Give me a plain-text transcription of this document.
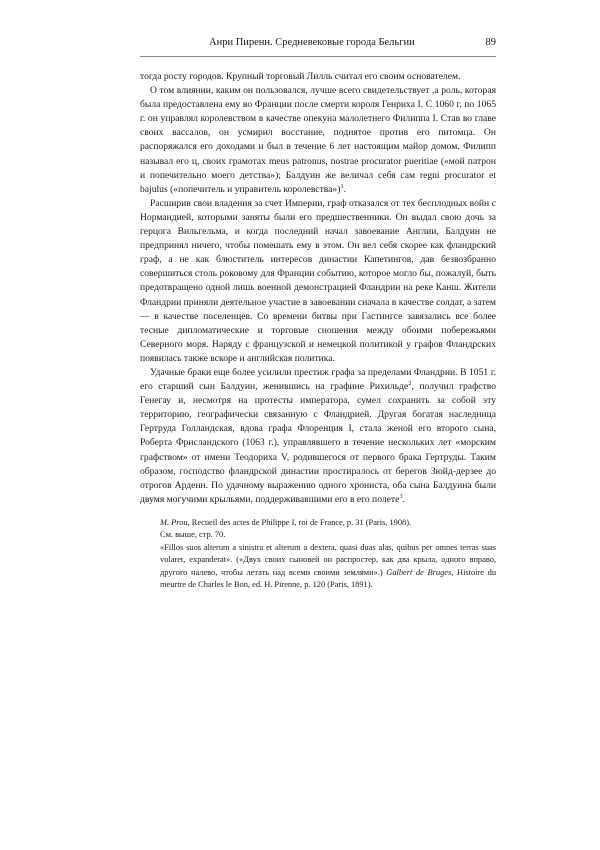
Анри Пиренн. Средневековые города Бельгии	89

тогда росту городов. Крупный торговый Лилль считал его своим основателем.

О том влиянии, каким он пользовался, лучше всего свидетельствует ,а роль, которая была предоставлена ему во Франции после смерти короля Генриха I. С 1060 г. по 1065 г. он управлял королевством в качестве опекуна малолетнего Филиппа I. Став во главе своих вассалов, он усмирил восстание, поднятое против его питомца. Он распоряжался его доходами и был в течение 6 лет настоящим майор домом. Филипп называл его ц, своих грамотах meus patronus, nostrae procurator pueritiae («мой патрон и попечительно моего детства»); Балдуин же величал себя сам regni procurator et bajulus («попечитель и управитель королевства»)$^1$.

Расширив свои владения за счет Империи, граф отказался от тех бесплодных войн с Нормандией, которыми заняты были его предшественники. Он выдал свою дочь за герцога Вильгельма, и когда последний начал завоевание Англии, Балдуин не предпринял ничего, чтобы помешать ему в этом. Он вел себя скорее как фландрский граф, а не как блюститель интересов династии Капетингов, дав безвозбранно совершиться столь роковому для Франции событию, которое могло бы, пожалуй, быть предотвращено одной лишь военной демонстрацией Фландрии на реке Канш. Жители Фландрии приняли деятельное участие в завоевании сначала в качестве солдат, а затем — в качестве поселенцев. Со времени битвы при Гастингсе завязались все более тесные дипломатические и торговые сношения между обоими побережьями Северного моря. Наряду с французской и немецкой политикой у графов Фландрских появилась также вскоре и английская политика.

Удачные браки еще более усилили престиж графа за пределами Фландрии. В 1051 г. его старший сын Балдуин, женившись на графине Рихильде$^2$, получил графство Генегау и, несмотря на протесты императора, сумел сохранить за собой эту территорию, географически связанную с Фландрией. Другая богатая наследница Гертруда Голландская, вдова графа Флоренция I, стала женой его второго сына, Роберта Фрисландского (1063 г.), управлявшего в течение нескольких лет «морским графством» от имени Теодориха V, родившегося от первого брака Гертруды. Таким образом, господство фландрской династии простиралось от берегов Зюйд-дерзее до отрогов Арденн. По удачному выражению одного хрониста, оба сына Балдуина были двумя могучими крыльями, поддерживавшими его в его полете$^3$.

M. Prou, Recueil des actes de Philippe I, roi de France, p. 31 (Paris, 1908).

См. выше, стр. 70.

«Fillos suos alterum a sinistra et alterum a dextera, quasi duas alas, quibus per omnes terras suas volaret, expanderat». («Двух своих сыновей он распростер, как два крыла, одного вправо, другого налево, чтобы летать над всеми своими землями».) Galbert de Bruges, Histoire du meurtre de Charles le Bon, ed. H. Pirenne, p. 120 (Paris, 1891).
